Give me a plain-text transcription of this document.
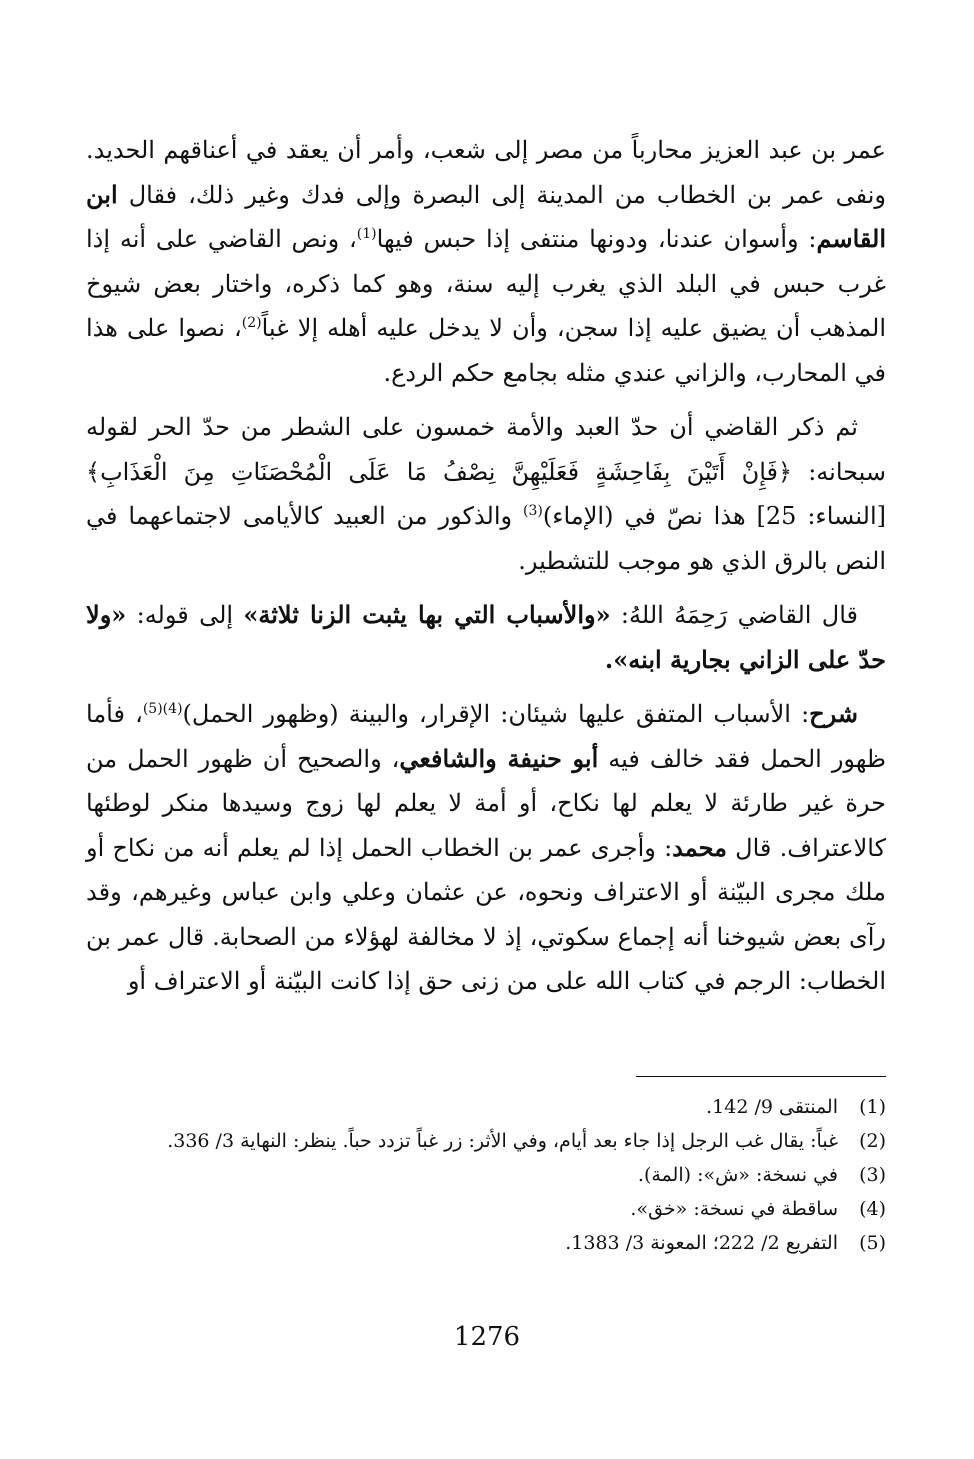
عمر بن عبد العزيز محارباً من مصر إلى شعب، وأمر أن يعقد في أعناقهم الحديد. ونفى عمر بن الخطاب من المدينة إلى البصرة وإلى فدك وغير ذلك، فقال ابن القاسم: وأسوان عندنا، ودونها منتفى إذا حبس فيها$^{(1)}$، ونص القاضي على أنه إذا غرب حبس في البلد الذي يغرب إليه سنة، وهو كما ذكره، واختار بعض شيوخ المذهب أن يضيق عليه إذا سجن، وأن لا يدخل عليه أهله إلا غباً$^{(2)}$، نصوا على هذا في المحارب، والزاني عندي مثله بجامع حكم الردع.

ثم ذكر القاضي أن حدّ العبد والأمة خمسون على الشطر من حدّ الحر لقوله سبحانه: ﴿فَإِنْ أَتَيْنَ بِفَاحِشَةٍ فَعَلَيْهِنَّ نِصْفُ مَا عَلَى الْمُحْصَنَاتِ مِنَ الْعَذَابِ﴾ [النساء: 25] هذا نصّ في (الإماء)$^{(3)}$ والذكور من العبيد كالأيامى لاجتماعهما في النص بالرق الذي هو موجب للتشطير.

قال القاضي رَحِمَهُ اللهُ: «والأسباب التي بها يثبت الزنا ثلاثة» إلى قوله: «ولا حدّ على الزاني بجارية ابنه».

شرح: الأسباب المتفق عليها شيئان: الإقرار، والبينة (وظهور الحمل)$^{(4)(5)}$، فأما ظهور الحمل فقد خالف فيه أبو حنيفة والشافعي، والصحيح أن ظهور الحمل من حرة غير طارئة لا يعلم لها نكاح، أو أمة لا يعلم لها زوج وسيدها منكر لوطئها كالاعتراف. قال محمد: وأجرى عمر بن الخطاب الحمل إذا لم يعلم أنه من نكاح أو ملك مجرى البيّنة أو الاعتراف ونحوه، عن عثمان وعلي وابن عباس وغيرهم، وقد رآى بعض شيوخنا أنه إجماع سكوتي، إذ لا مخالفة لهؤلاء من الصحابة. قال عمر بن الخطاب: الرجم في كتاب الله على من زنى حق إذا كانت البيّنة أو الاعتراف أو

(1)
المنتقى 9/ 142.
(2)
غباً: يقال غب الرجل إذا جاء بعد أيام، وفي الأثر: زر غباً تزدد حباً. ينظر: النهاية 3/ 336.
(3)
في نسخة: «ش»: (المة).
(4)
ساقطة في نسخة: «خق».
(5)
التفريع 2/ 222؛ المعونة 3/ 1383.
1276
